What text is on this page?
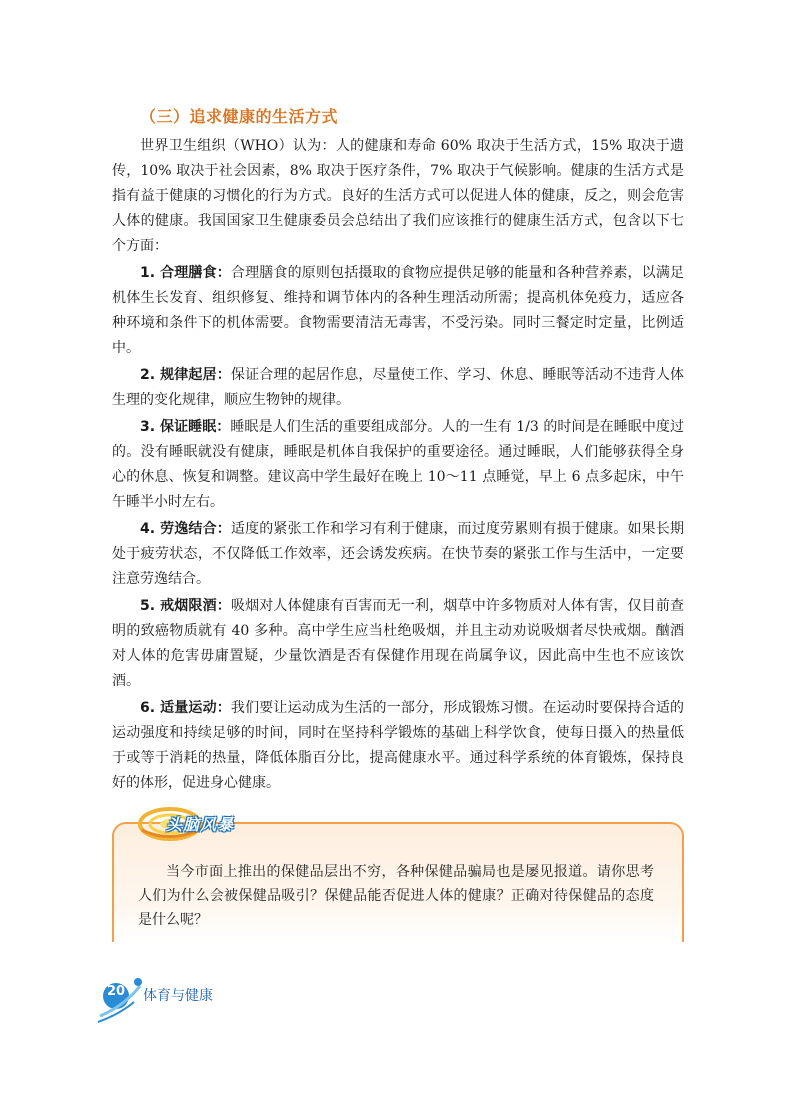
（三）追求健康的生活方式

世界卫生组织（WHO）认为：人的健康和寿命 60% 取决于生活方式，15% 取决于遗传，10% 取决于社会因素，8% 取决于医疗条件，7% 取决于气候影响。健康的生活方式是指有益于健康的习惯化的行为方式。良好的生活方式可以促进人体的健康，反之，则会危害人体的健康。我国国家卫生健康委员会总结出了我们应该推行的健康生活方式，包含以下七个方面：

1. 合理膳食：合理膳食的原则包括摄取的食物应提供足够的能量和各种营养素，以满足机体生长发育、组织修复、维持和调节体内的各种生理活动所需；提高机体免疫力，适应各种环境和条件下的机体需要。食物需要清洁无毒害，不受污染。同时三餐定时定量，比例适中。

2. 规律起居：保证合理的起居作息，尽量使工作、学习、休息、睡眠等活动不违背人体生理的变化规律，顺应生物钟的规律。

3. 保证睡眠：睡眠是人们生活的重要组成部分。人的一生有 1/3 的时间是在睡眠中度过的。没有睡眠就没有健康，睡眠是机体自我保护的重要途径。通过睡眠，人们能够获得全身心的休息、恢复和调整。建议高中学生最好在晚上 10～11 点睡觉，早上 6 点多起床，中午午睡半小时左右。

4. 劳逸结合：适度的紧张工作和学习有利于健康，而过度劳累则有损于健康。如果长期处于疲劳状态，不仅降低工作效率，还会诱发疾病。在快节奏的紧张工作与生活中，一定要注意劳逸结合。

5. 戒烟限酒：吸烟对人体健康有百害而无一利，烟草中许多物质对人体有害，仅目前查明的致癌物质就有 40 多种。高中学生应当杜绝吸烟，并且主动劝说吸烟者尽快戒烟。酗酒对人体的危害毋庸置疑，少量饮酒是否有保健作用现在尚属争议，因此高中生也不应该饮酒。

6. 适量运动：我们要让运动成为生活的一部分，形成锻炼习惯。在运动时要保持合适的运动强度和持续足够的时间，同时在坚持科学锻炼的基础上科学饮食，使每日摄入的热量低于或等于消耗的热量，降低体脂百分比，提高健康水平。通过科学系统的体育锻炼，保持良好的体形，促进身心健康。

头脑风暴
当今市面上推出的保健品层出不穷，各种保健品骗局也是屡见报道。请你思考人们为什么会被保健品吸引？保健品能否促进人体的健康？正确对待保健品的态度是什么呢？
20 体育与健康
